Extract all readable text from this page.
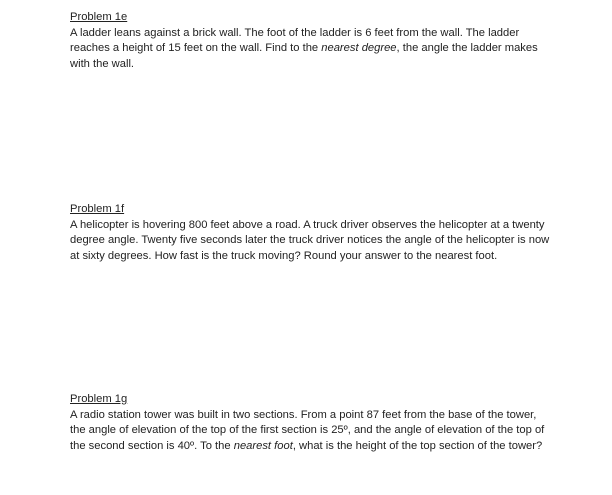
Problem 1e
A ladder leans against a brick wall. The foot of the ladder is 6 feet from the wall. The ladder reaches a height of 15 feet on the wall. Find to the nearest degree, the angle the ladder makes with the wall.
Problem 1f
A helicopter is hovering 800 feet above a road. A truck driver observes the helicopter at a twenty degree angle. Twenty five seconds later the truck driver notices the angle of the helicopter is now at sixty degrees. How fast is the truck moving? Round your answer to the nearest foot.
Problem 1g
A radio station tower was built in two sections. From a point 87 feet from the base of the tower, the angle of elevation of the top of the first section is 25º, and the angle of elevation of the top of the second section is 40º. To the nearest foot, what is the height of the top section of the tower?
